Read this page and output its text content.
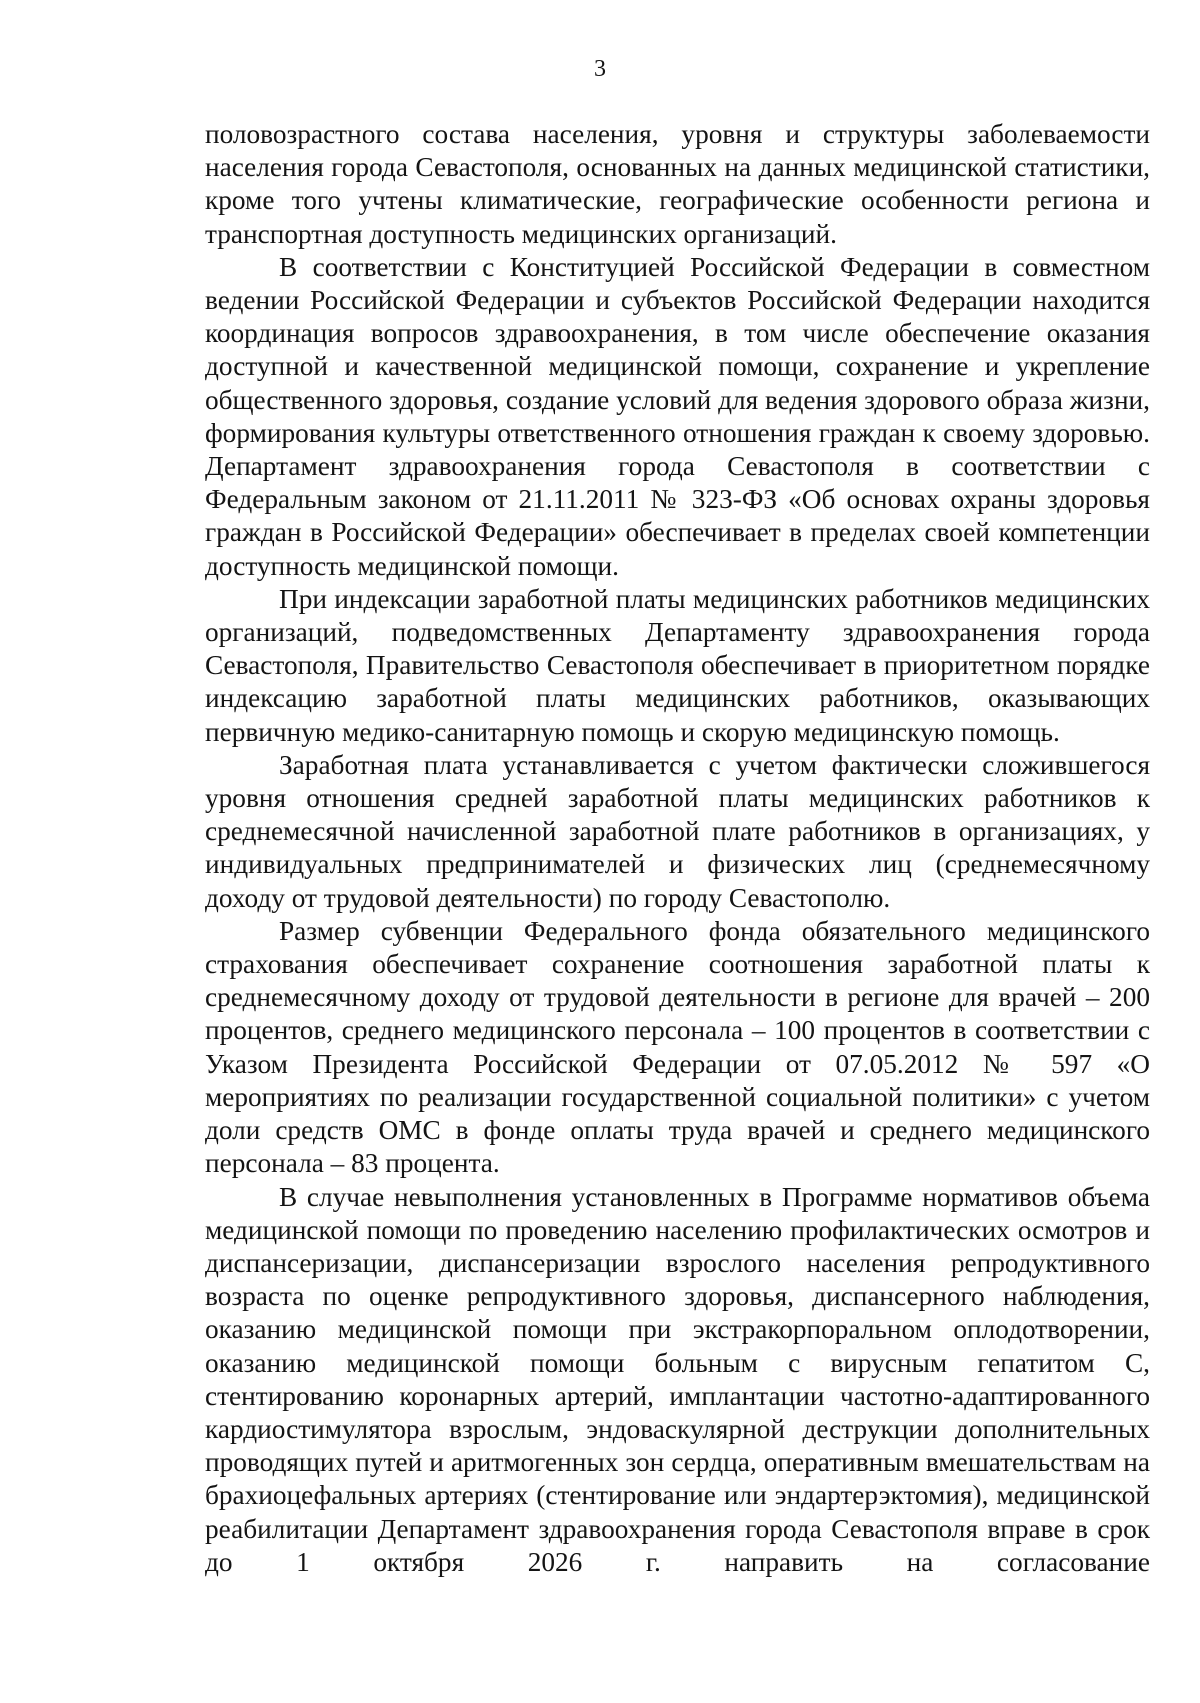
3

половозрастного состава населения, уровня и структуры заболеваемости населения города Севастополя, основанных на данных медицинской статистики, кроме того учтены климатические, географические особенности региона и транспортная доступность медицинских организаций.

В соответствии с Конституцией Российской Федерации в совместном ведении Российской Федерации и субъектов Российской Федерации находится координация вопросов здравоохранения, в том числе обеспечение оказания доступной и качественной медицинской помощи, сохранение и укрепление общественного здоровья, создание условий для ведения здорового образа жизни, формирования культуры ответственного отношения граждан к своему здоровью. Департамент здравоохранения города Севастополя в соответствии с Федеральным законом от 21.11.2011 № 323-ФЗ «Об основах охраны здоровья граждан в Российской Федерации» обеспечивает в пределах своей компетенции доступность медицинской помощи.

При индексации заработной платы медицинских работников медицинских организаций, подведомственных Департаменту здравоохранения города Севастополя, Правительство Севастополя обеспечивает в приоритетном порядке индексацию заработной платы медицинских работников, оказывающих первичную медико-санитарную помощь и скорую медицинскую помощь.

Заработная плата устанавливается с учетом фактически сложившегося уровня отношения средней заработной платы медицинских работников к среднемесячной начисленной заработной плате работников в организациях, у индивидуальных предпринимателей и физических лиц (среднемесячному доходу от трудовой деятельности) по городу Севастополю.

Размер субвенции Федерального фонда обязательного медицинского страхования обеспечивает сохранение соотношения заработной платы к среднемесячному доходу от трудовой деятельности в регионе для врачей – 200 процентов, среднего медицинского персонала – 100 процентов в соответствии с Указом Президента Российской Федерации от 07.05.2012 № 597 «О мероприятиях по реализации государственной социальной политики» с учетом доли средств ОМС в фонде оплаты труда врачей и среднего медицинского персонала – 83 процента.

В случае невыполнения установленных в Программе нормативов объема медицинской помощи по проведению населению профилактических осмотров и диспансеризации, диспансеризации взрослого населения репродуктивного возраста по оценке репродуктивного здоровья, диспансерного наблюдения, оказанию медицинской помощи при экстракорпоральном оплодотворении, оказанию медицинской помощи больным с вирусным гепатитом С, стентированию коронарных артерий, имплантации частотно-адаптированного кардиостимулятора взрослым, эндоваскулярной деструкции дополнительных проводящих путей и аритмогенных зон сердца, оперативным вмешательствам на брахиоцефальных артериях (стентирование или эндартерэктомия), медицинской реабилитации Департамент здравоохранения города Севастополя вправе в срок до 1 октября 2026 г. направить на согласование
